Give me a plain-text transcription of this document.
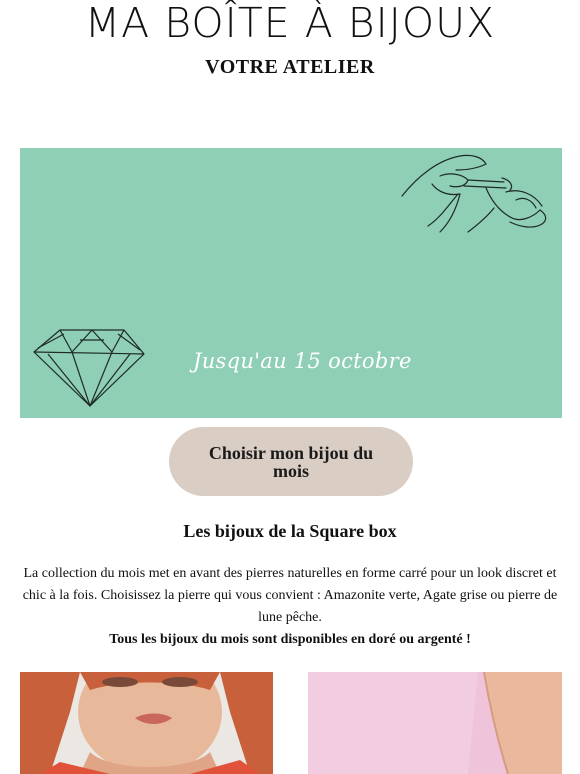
MA BOÎTE À BIJOUX
VOTRE ATELIER
Jusqu'au 15 octobre
Choisir mon bijou du mois
Les bijoux de la Square box

La collection du mois met en avant des pierres naturelles en forme carré pour un look discret et chic à la fois. Choisissez la pierre qui vous convient : Amazonite verte, Agate grise ou pierre de lune pêche.

Tous les bijoux du mois sont disponibles en doré ou argenté !
